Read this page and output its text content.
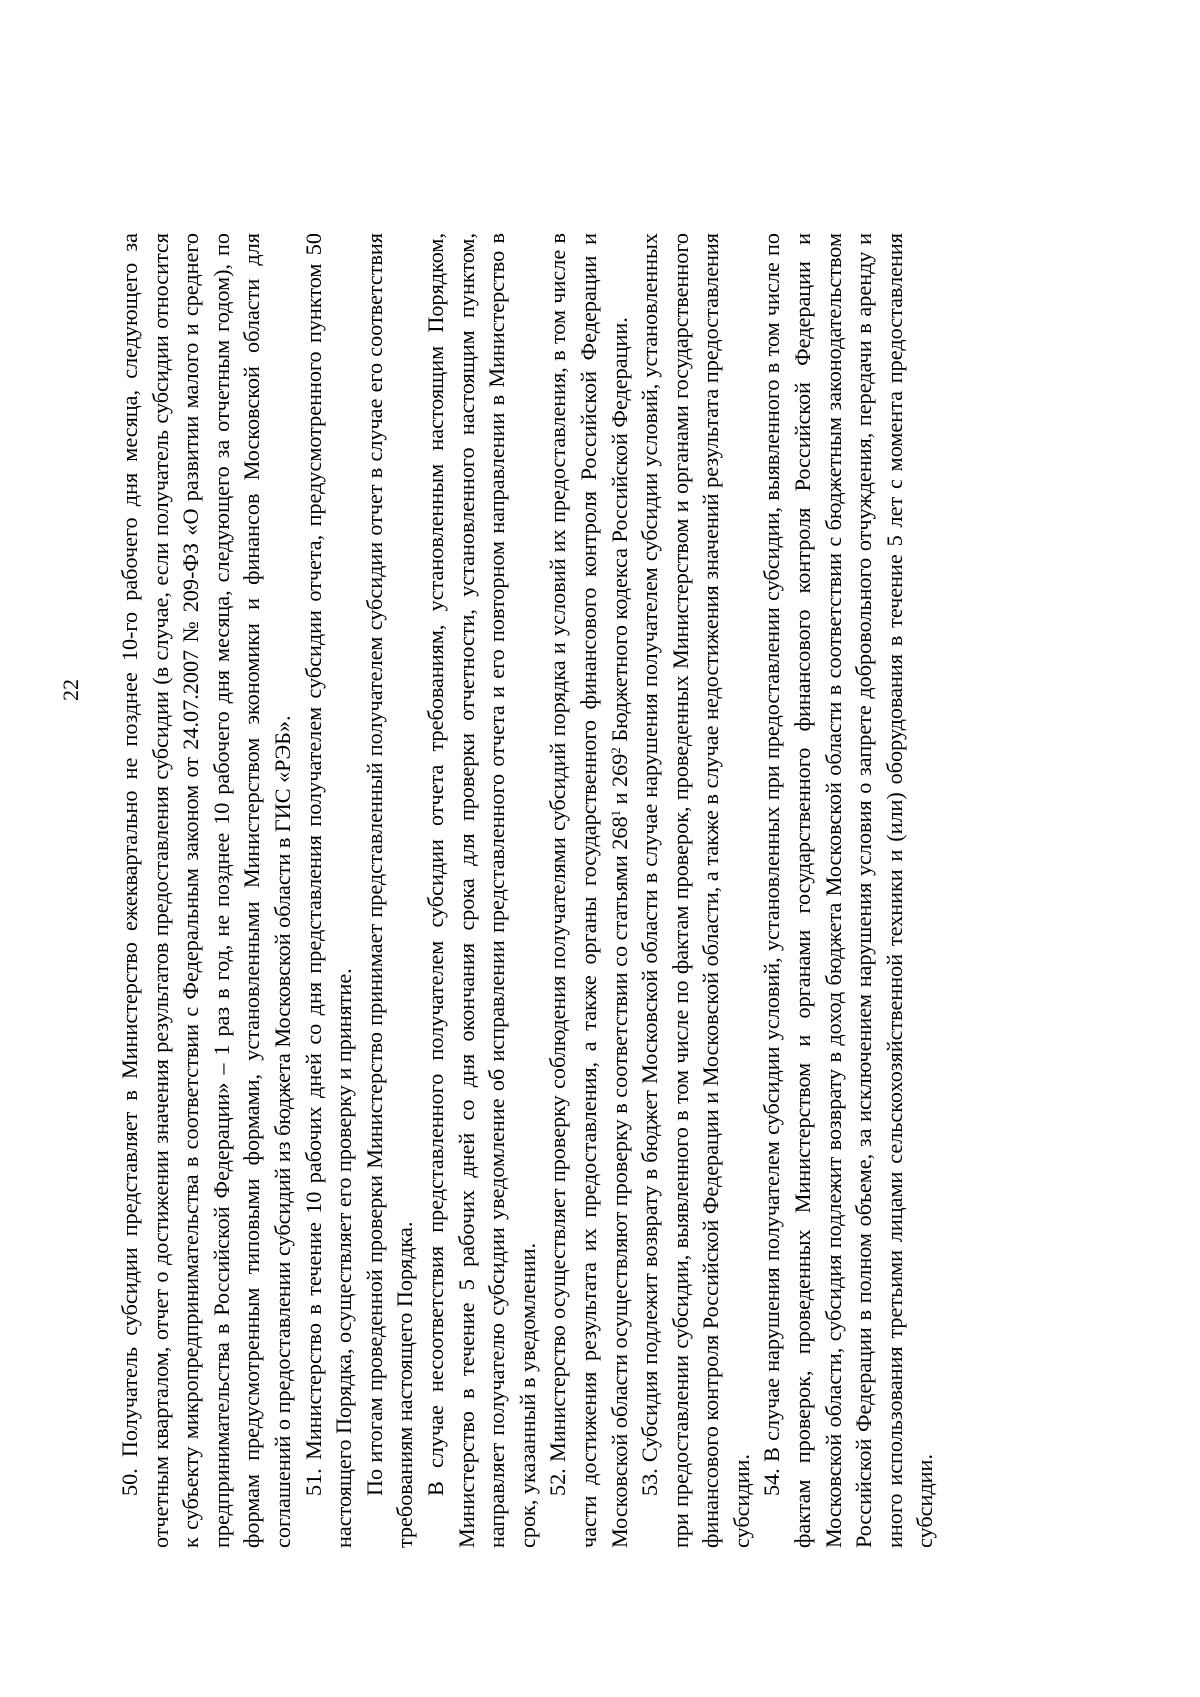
22 50. Получатель субсидии представляет в Министерство ежеквартально не позднее 10-го рабочего дня месяца, следующего за отчетным кварталом, отчет о достижении значения результатов предоставления субсидии (в случае, если получатель субсидии относится к субъекту микропредпринимательства в соответствии с Федеральным законом от 24.07.2007 № 209-ФЗ «О развитии малого и среднего предпринимательства в Российской Федерации» – 1 раз в год, не позднее 10 рабочего дня месяца, следующего за отчетным годом), по формам предусмотренным типовыми формами, установленными Министерством экономики и финансов Московской области для соглашений о предоставлении субсидий из бюджета Московской области в ГИС «РЭБ». 51. Министерство в течение 10 рабочих дней со дня представления получателем субсидии отчета, предусмотренного пунктом 50 настоящего Порядка, осуществляет его проверку и принятие. По итогам проведенной проверки Министерство принимает представленный получателем субсидии отчет в случае его соответствия требованиям настоящего Порядка. В случае несоответствия представленного получателем субсидии отчета требованиям, установленным настоящим Порядком, Министерство в течение 5 рабочих дней со дня окончания срока для проверки отчетности, установленного настоящим пунктом, направляет получателю субсидии уведомление об исправлении представленного отчета и его повторном направлении в Министерство в срок, указанный в уведомлении. 52. Министерство осуществляет проверку соблюдения получателями субсидий порядка и условий их предоставления, в том числе в части достижения результата их предоставления, а также органы государственного финансового контроля Российской Федерации и Московской области осуществляют проверку в соответствии со статьями $268^1$ и $269^2$ Бюджетного кодекса Российской Федерации. 53. Субсидия подлежит возврату в бюджет Московской области в случае нарушения получателем субсидии условий, установленных при предоставлении субсидии, выявленного в том числе по фактам проверок, проведенных Министерством и органами государственного финансового контроля Российской Федерации и Московской области, а также в случае недостижения значений результата предоставления субсидии.

54. В случае нарушения получателем субсидии условий, установленных при предоставлении субсидии, выявленного в том числе по фактам проверок, проведенных Министерством и органами государственного финансового контроля Российской Федерации и Московской области, субсидия подлежит возврату в доход бюджета Московской области в соответствии с бюджетным законодательством Российской Федерации в полном объеме, за исключением нарушения условия о запрете добровольного отчуждения, передачи в аренду и иного использования третьими лицами сельскохозяйственной техники и (или) оборудования в течение 5 лет с момента предоставления субсидии.
